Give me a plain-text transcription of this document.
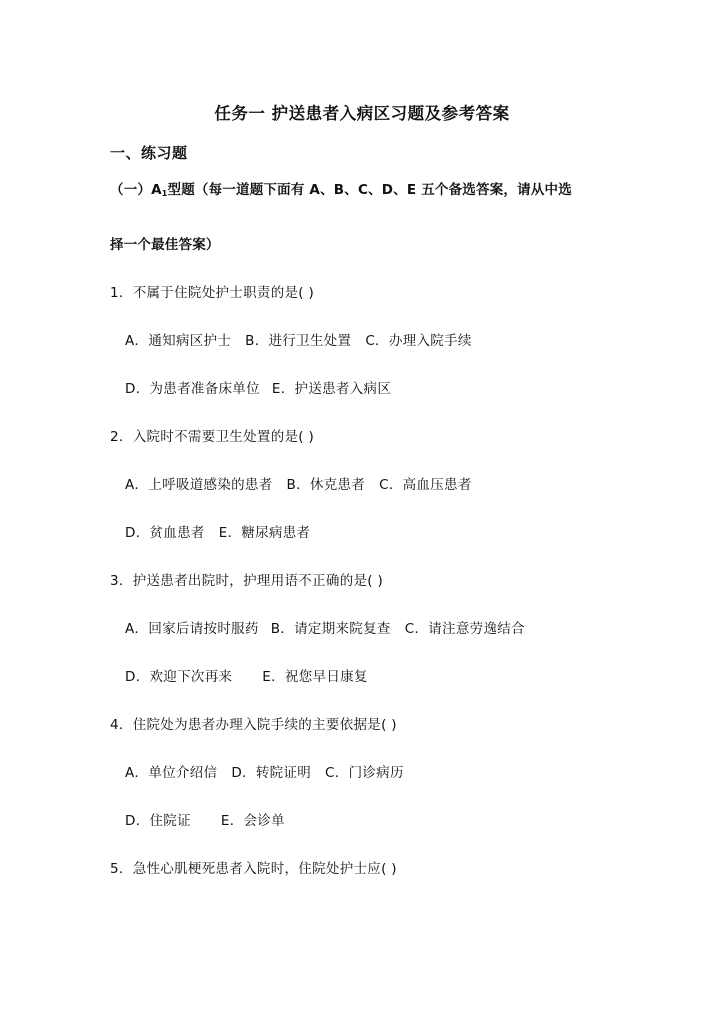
任务一 护送患者入病区习题及参考答案
一、练习题
（一）A1型题（每一道题下面有 A、B、C、D、E 五个备选答案，请从中选
择一个最佳答案）
1．不属于住院处护士职责的是( )
A．通知病区护士 B．进行卫生处置 C．办理入院手续
D．为患者准备床单位 E．护送患者入病区
2．入院时不需要卫生处置的是( )
A．上呼吸道感染的患者 B．休克患者 C．高血压患者
D．贫血患者 E．糖尿病患者
3．护送患者出院时，护理用语不正确的是( )
A．回家后请按时服药 B．请定期来院复查 C．请注意劳逸结合
D．欢迎下次再来 E．祝您早日康复
4．住院处为患者办理入院手续的主要依据是( )
A．单位介绍信 D．转院证明 C．门诊病历
D．住院证 E．会诊单
5．急性心肌梗死患者入院时，住院处护士应( )
